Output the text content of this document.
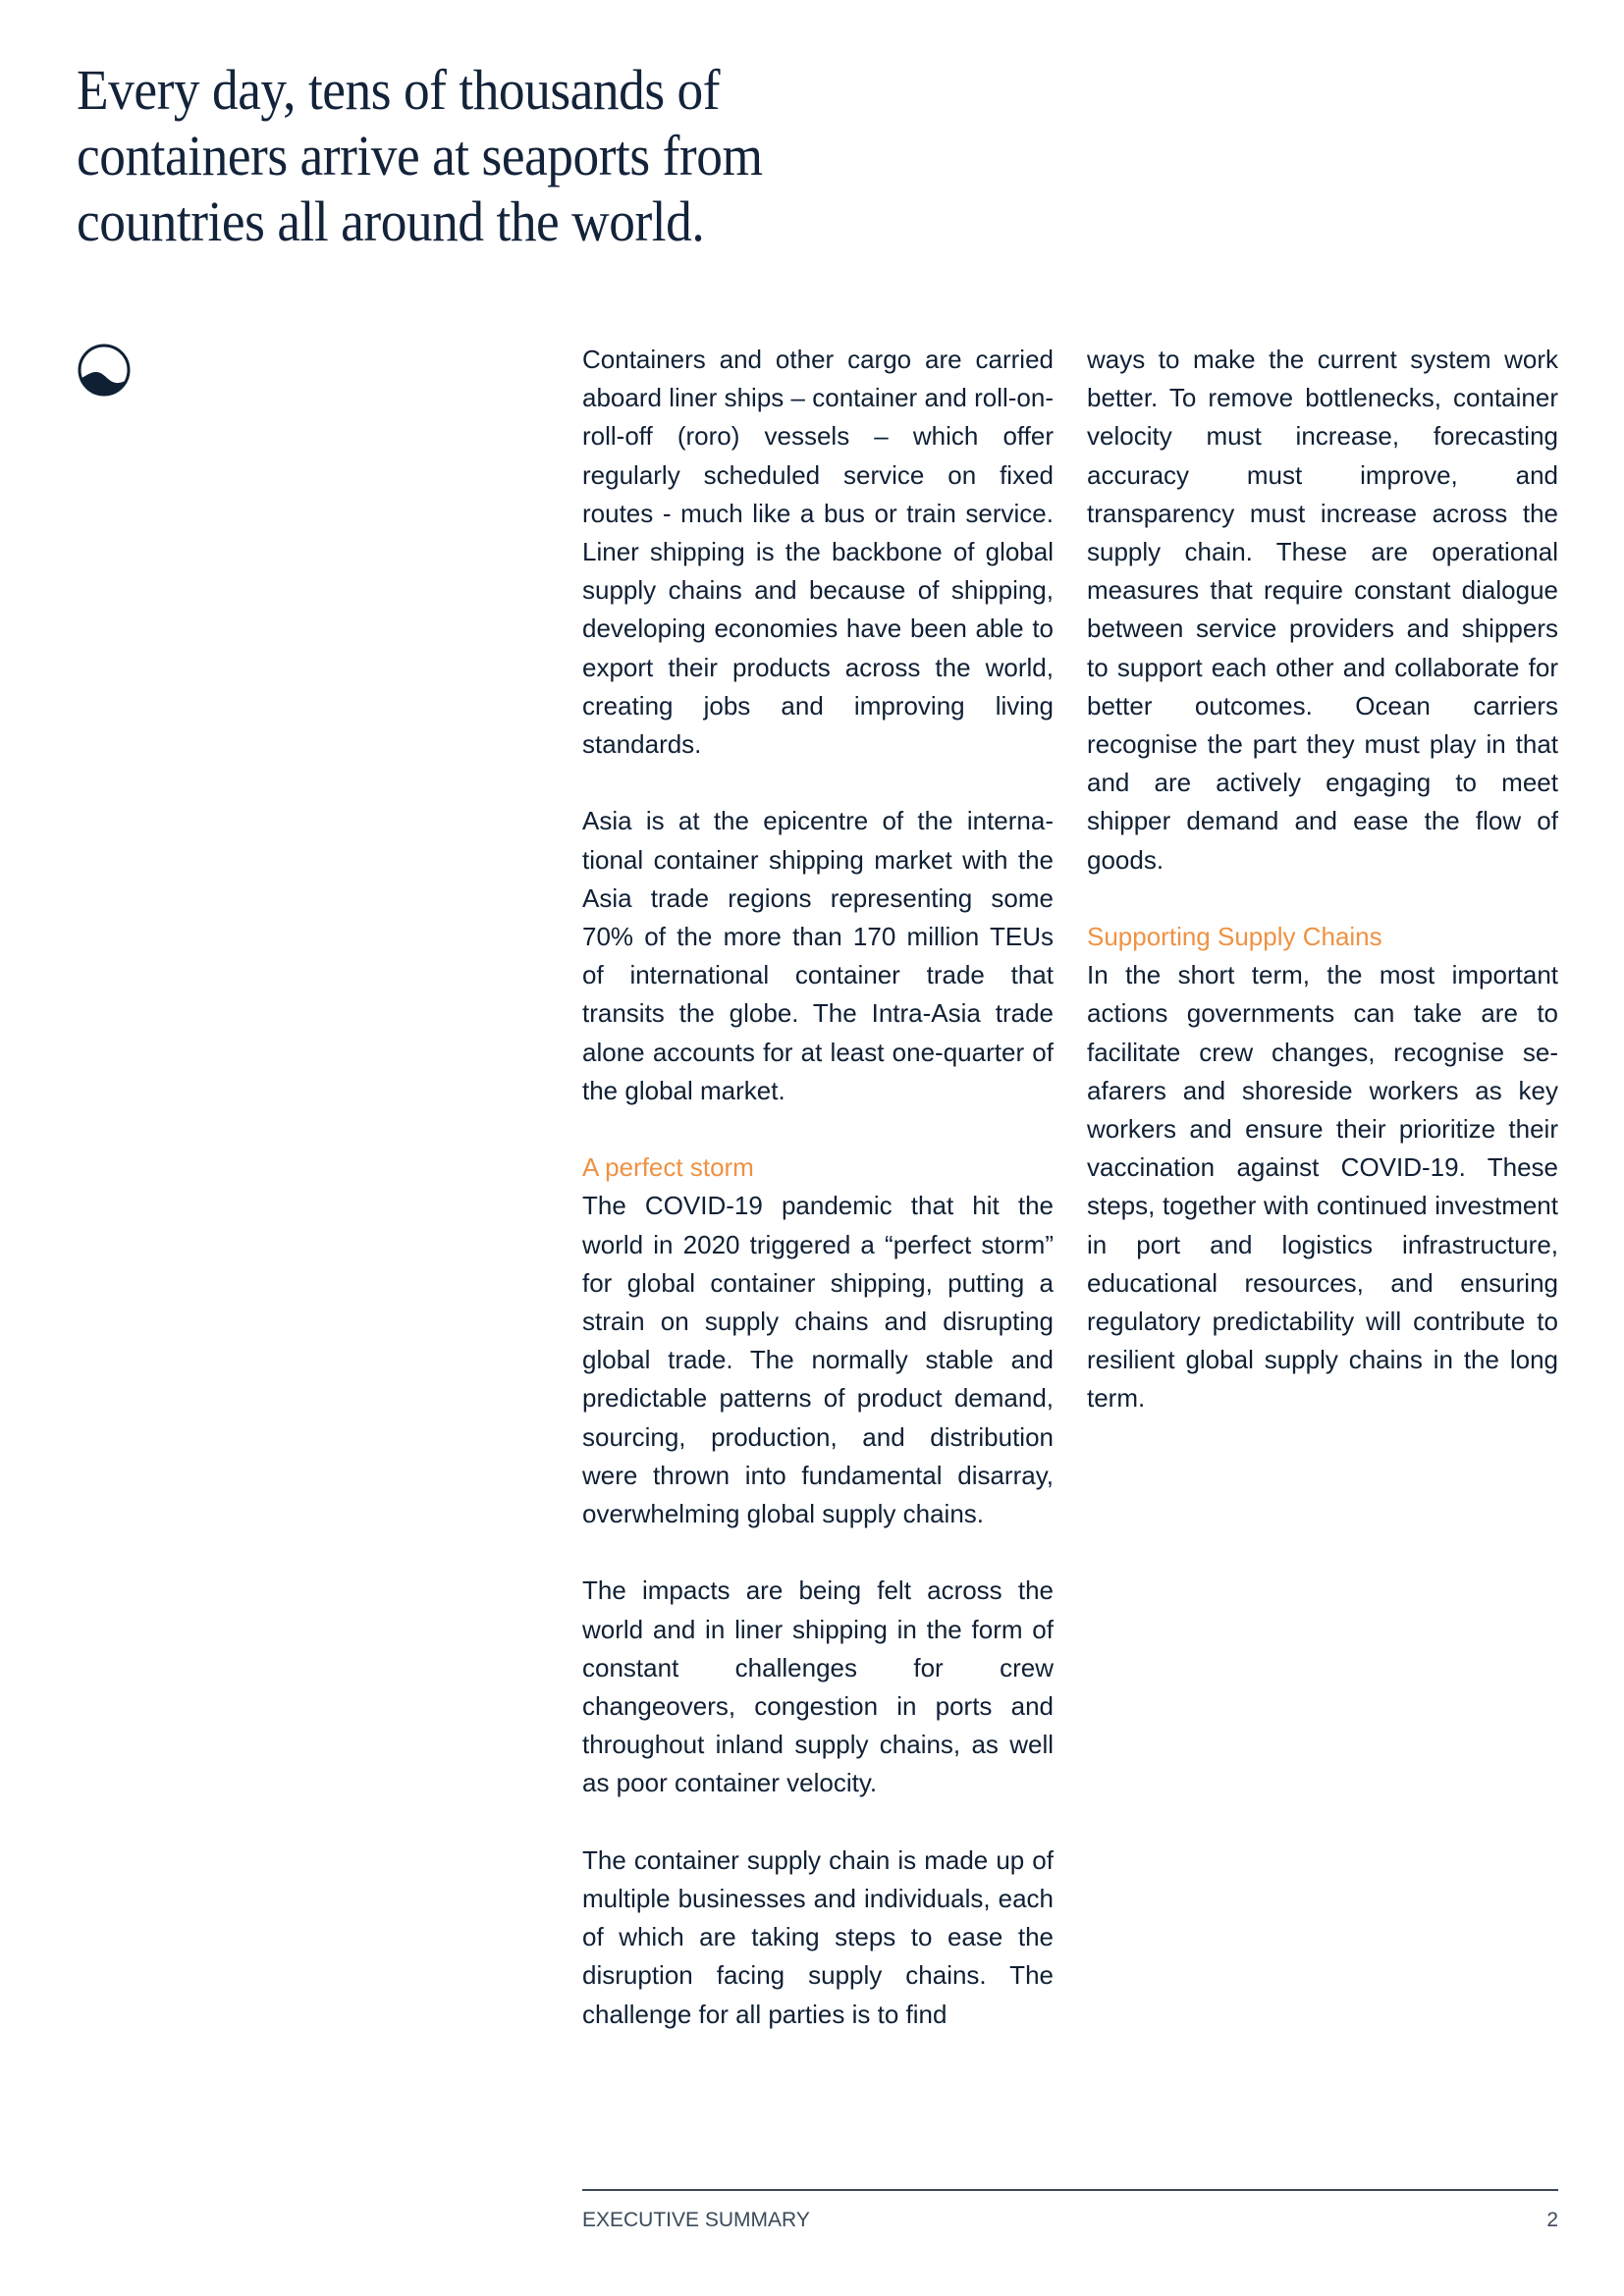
Every day, tens of thousands of
containers arrive at seaports from
countries all around the world.

Containers and other cargo are carried aboard liner ships – container and roll-on-roll-off (roro) vessels – which offer regularly scheduled service on fixed routes - much like a bus or train service. Liner shipping is the backbone of global supply chains and because of shipping, developing economies have been able to export their products across the world, creating jobs and improving living standards.

Asia is at the epicentre of the international container shipping market with the Asia trade regions representing some 70% of the more than 170 million TEUs of international container trade that transits the globe. The Intra-Asia trade alone accounts for at least one-quarter of the global market.

A perfect storm

The COVID-19 pandemic that hit the world in 2020 triggered a “perfect storm” for global container shipping, putting a strain on supply chains and disrupting global trade. The normally stable and predictable patterns of product demand, sourcing, production, and distribution were thrown into fundamental disarray, overwhelming global supply chains.

The impacts are being felt across the world and in liner shipping in the form of constant challenges for crew changeovers, congestion in ports and throughout inland supply chains, as well as poor container velocity.

The container supply chain is made up of multiple businesses and individuals, each of which are taking steps to ease the disruption facing supply chains. The challenge for all parties is to find

ways to make the current system work better. To remove bottlenecks, container velocity must increase, forecasting accuracy must improve, and transparency must increase across the supply chain. These are operational measures that require constant dialogue between service providers and shippers to support each other and collaborate for better outcomes. Ocean carriers recognise the part they must play in that and are actively engaging to meet shipper demand and ease the flow of goods.

Supporting Supply Chains

In the short term, the most important actions governments can take are to facilitate crew changes, recognise seafarers and shoreside workers as key workers and ensure their prioritize their vaccination against COVID-19. These steps, together with continued investment in port and logistics infrastructure, educational resources, and ensuring regulatory predictability will contribute to resilient global supply chains in the long term.

EXECUTIVE SUMMARY	2
